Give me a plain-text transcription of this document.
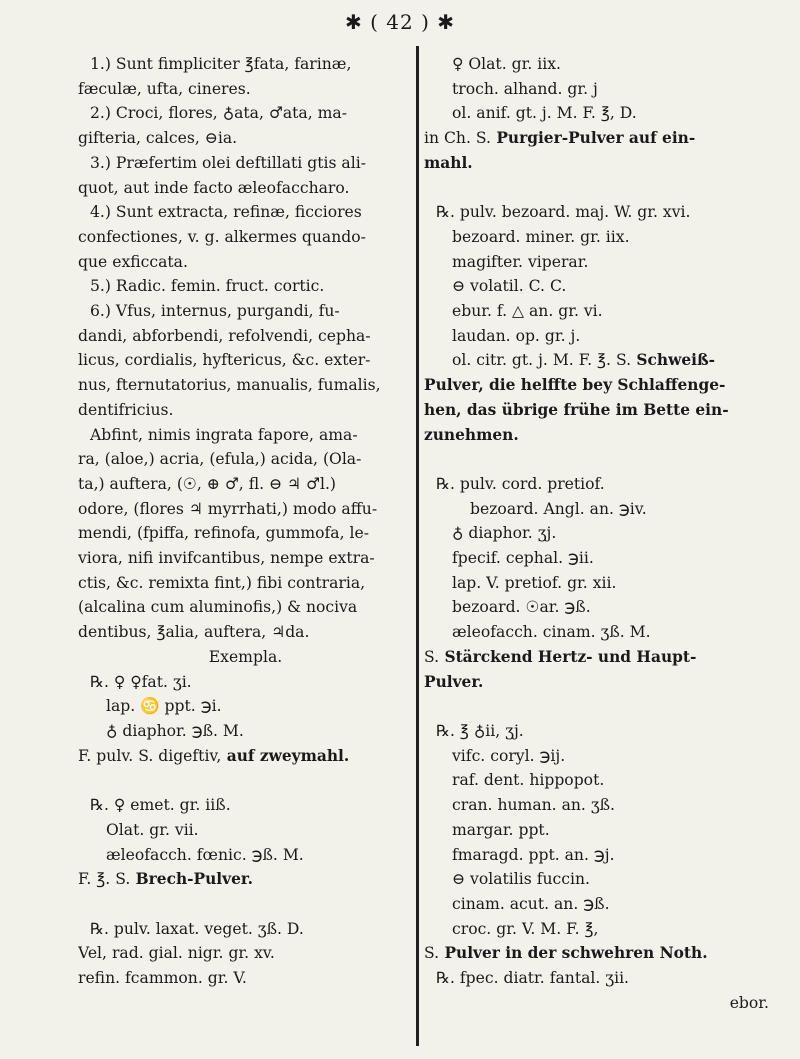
✱ ( 42 ) ✱
1.) Sunt fimpliciter ℥fata, farinæ,
fæculæ, ufta, cineres.
2.) Croci, flores, ♁ata, ♂ata, ma-
gifteria, calces, ⊖ia.
3.) Præfertim olei deftillati gtis ali-
quot, aut inde facto æleofaccharo.
4.) Sunt extracta, refinæ, ficciores
confectiones, v. g. alkermes quando-
que exficcata.
5.) Radic. femin. fruct. cortic.
6.) Vfus, internus, purgandi, fu-
dandi, abforbendi, refolvendi, cepha-
licus, cordialis, hyftericus, &c. exter-
nus, fternutatorius, manualis, fumalis,
dentifricius.
Abfint, nimis ingrata fapore, ama-
ra, (aloe,) acria, (efula,) acida, (Ola-
ta,) auftera, (☉, ⊕ ♂, fl. ⊖ ♃ ♂l.)
odore, (flores ♃ myrrhati,) modo affu-
mendi, (fpiffa, refinofa, gummofa, le-
viora, nifi invifcantibus, nempe extra-
ctis, &c. remixta fint,) fibi contraria,
(alcalina cum aluminofis,) & nociva
dentibus, ℥alia, auftera, ♃da.
Exempla.
℞. ♀ ♀fat. ʒi.
lap. ♋ ppt. ℈i.
♁ diaphor. ℈ß. M.
F. pulv. S. digeftiv, auf zweymahl.

℞. ♀ emet. gr. iiß.
Olat. gr. vii.
æleofacch. fœnic. ℈ß. M.
F. ℥. S. Brech-Pulver.

℞. pulv. laxat. veget. ʒß. D.
Vel, rad. gial. nigr. gr. xv.
refin. fcammon. gr. V.
♀ Olat. gr. iix.
troch. alhand. gr. j
ol. anif. gt. j. M. F. ℥, D.
in Ch. S. Purgier-Pulver auf ein-
mahl.

℞. pulv. bezoard. maj. W. gr. xvi.
bezoard. miner. gr. iix.
magifter. viperar.
⊖ volatil. C. C.
ebur. f. △ an. gr. vi.
laudan. op. gr. j.
ol. citr. gt. j. M. F. ℥. S. Schweiß-
Pulver, die helffte bey Schlaffenge-
hen, das übrige frühe im Bette ein-
zunehmen.

℞. pulv. cord. pretiof.
bezoard. Angl. an. ℈iv.
♁ diaphor. ʒj.
fpecif. cephal. ℈ii.
lap. V. pretiof. gr. xii.
bezoard. ☉ar. ℈ß.
æleofacch. cinam. ʒß. M.
S. Stärckend Hertz- und Haupt-
Pulver.

℞. ℥ ♁ii, ʒj.
vifc. coryl. ℈ij.
raf. dent. hippopot.
cran. human. an. ʒß.
margar. ppt.
fmaragd. ppt. an. ℈j.
⊖ volatilis fuccin.
cinam. acut. an. ℈ß.
croc. gr. V. M. F. ℥,
S. Pulver in der schwehren Noth.
℞. fpec. diatr. fantal. ʒii.
ebor.
